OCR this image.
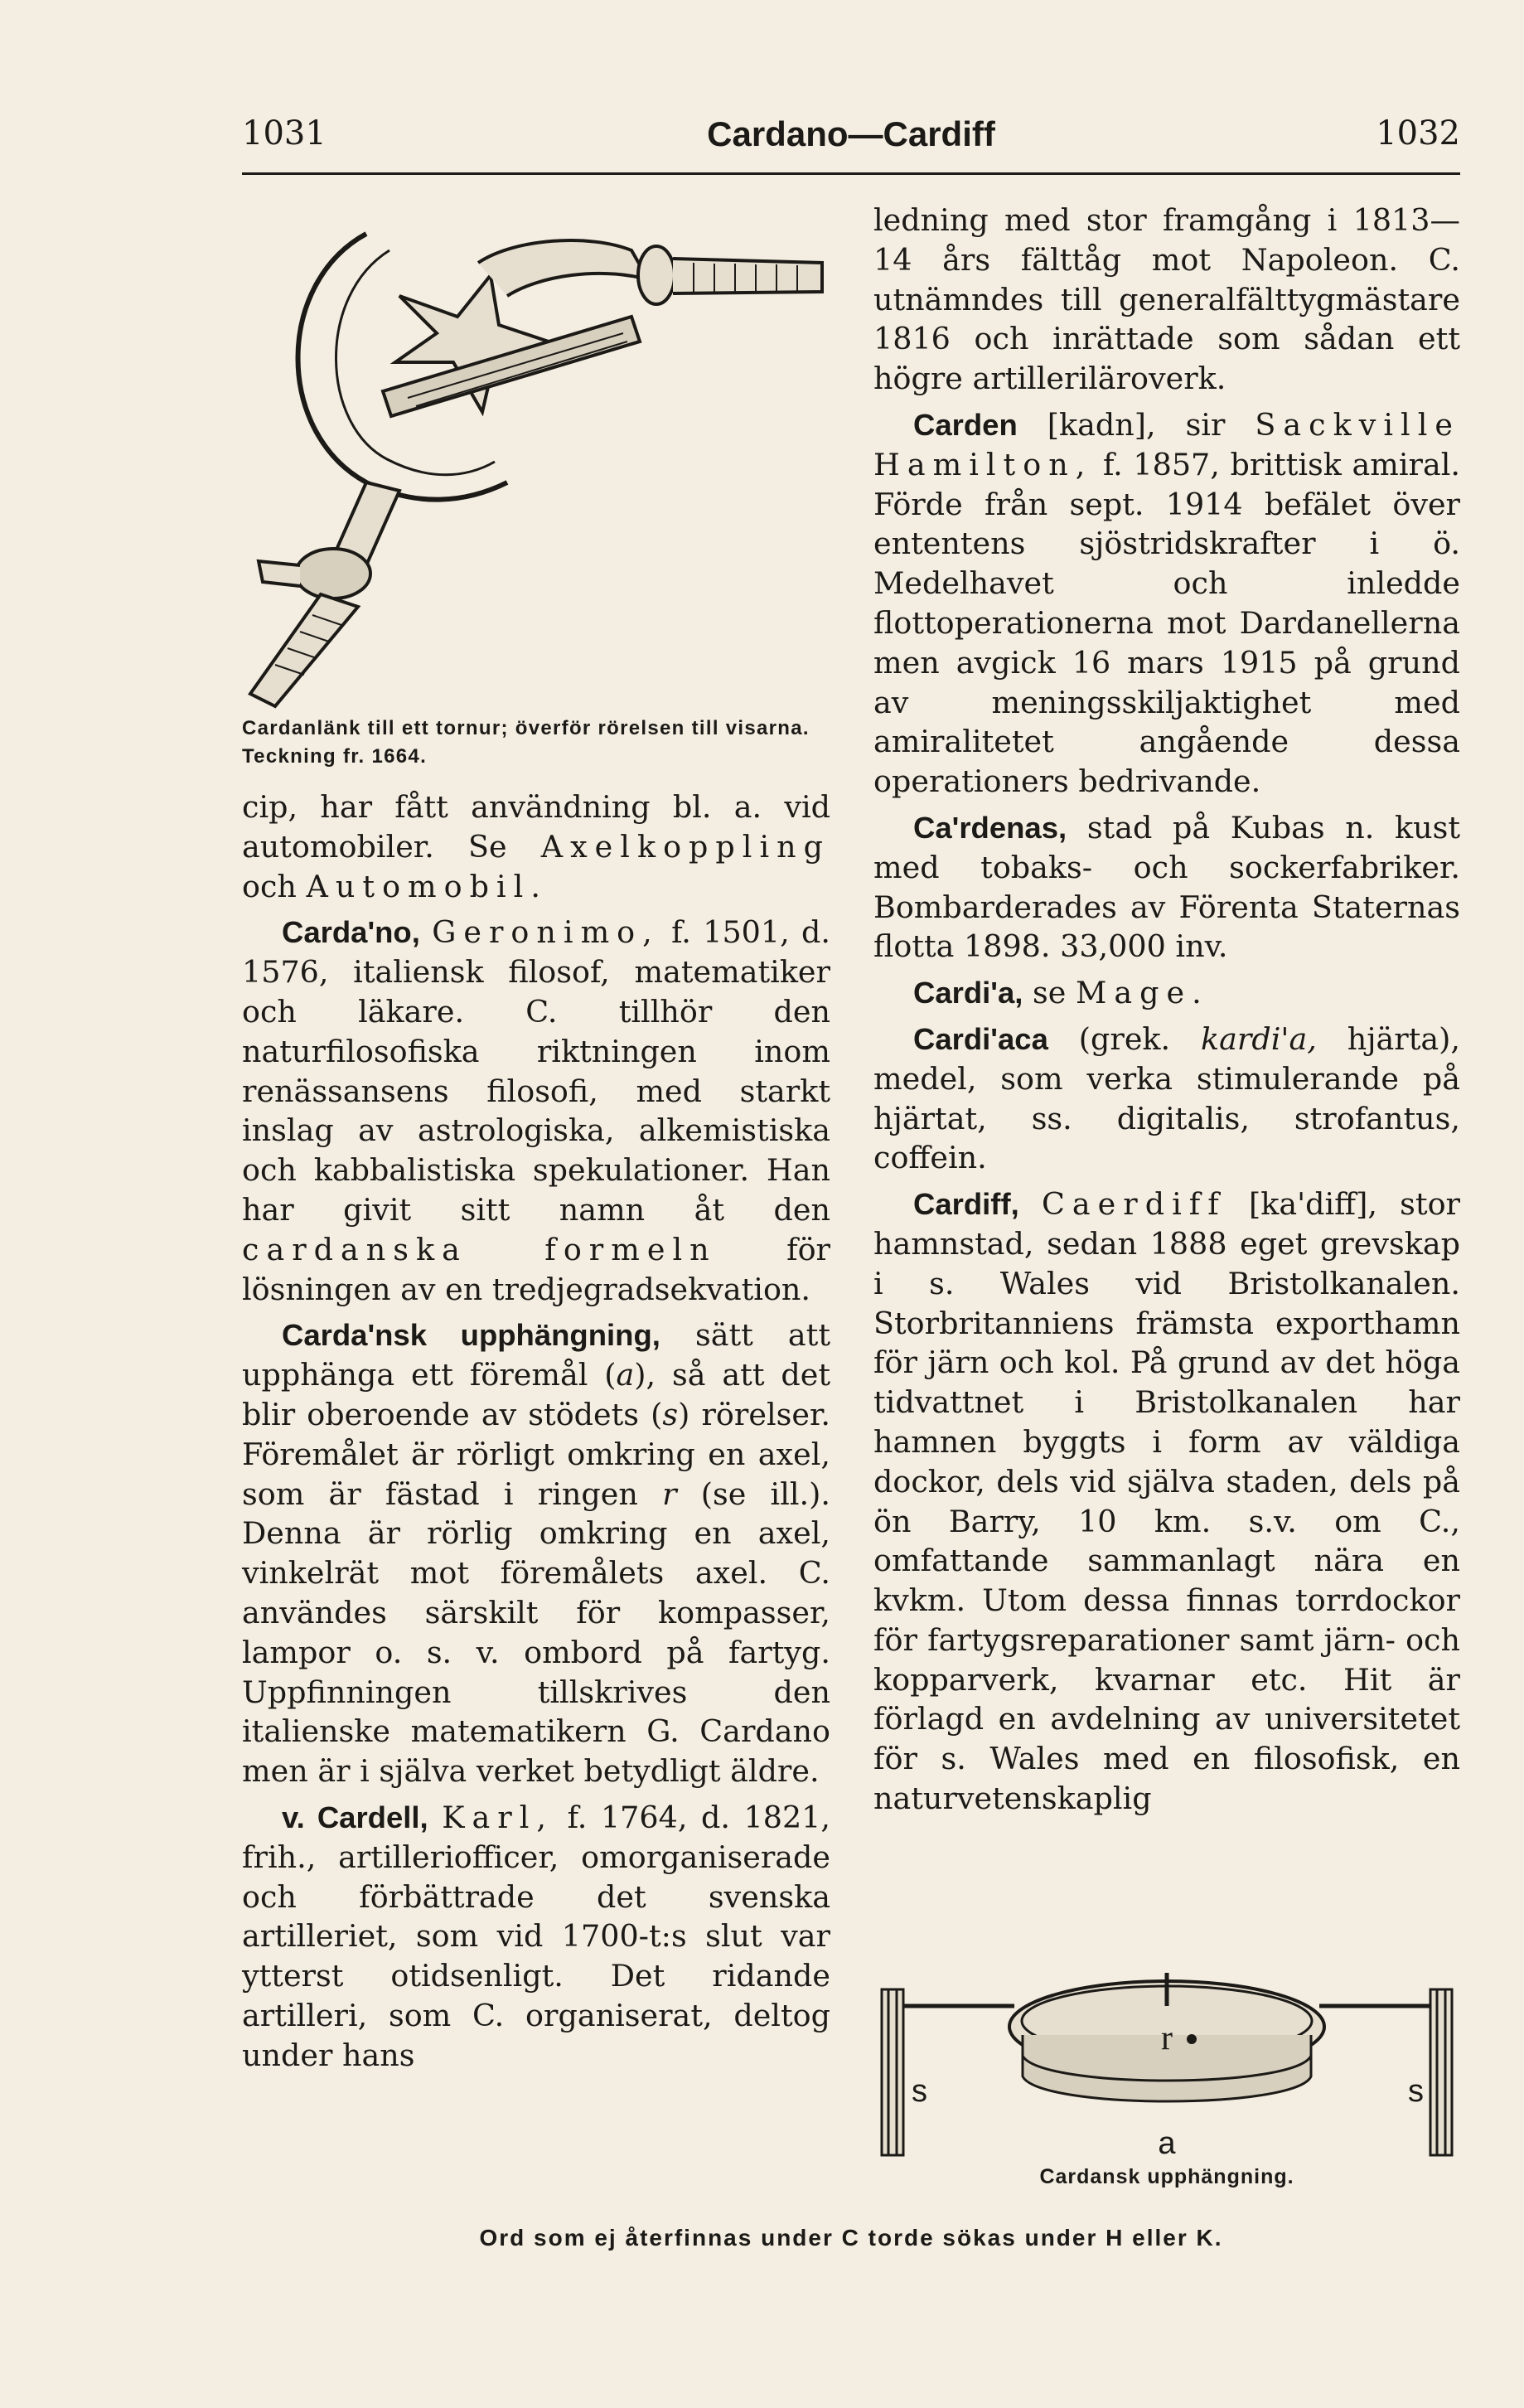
1031	Cardano—Cardiff	1032
Cardanlänk till ett tornur; överför rörelsen till visarna. Teckning fr. 1664.

cip, har fått användning bl. a. vid automobiler. Se Axelkoppling och Automobil.

Carda'no, Geronimo, f. 1501, d. 1576, italiensk filosof, matematiker och läkare. C. tillhör den naturfilosofiska riktningen inom renässansens filosofi, med starkt inslag av astrologiska, alkemistiska och kabbalistiska spekulationer. Han har givit sitt namn åt den cardanska formeln för lösningen av en tredjegradsekvation.

Carda'nsk upphängning, sätt att upphänga ett föremål (a), så att det blir oberoende av stödets (s) rörelser. Föremålet är rörligt omkring en axel, som är fästad i ringen r (se ill.). Denna är rörlig omkring en axel, vinkelrät mot föremålets axel. C. användes särskilt för kompasser, lampor o. s. v. ombord på fartyg. Uppfinningen tillskrives den italienske matematikern G. Cardano men är i själva verket betydligt äldre.

v. Cardell, Karl, f. 1764, d. 1821, frih., artilleriofficer, omorganiserade och förbättrade det svenska artilleriet, som vid 1700-t:s slut var ytterst otidsenligt. Det ridande artilleri, som C. organiserat, deltog under hans

ledning med stor framgång i 1813—14 års fälttåg mot Napoleon. C. utnämndes till generalfälttygmästare 1816 och inrättade som sådan ett högre artilleriläroverk.

Carden [kadn], sir Sackville Hamilton, f. 1857, brittisk amiral. Förde från sept. 1914 befälet över ententens sjöstridskrafter i ö. Medelhavet och inledde flottoperationerna mot Dardanellerna men avgick 16 mars 1915 på grund av meningsskiljaktighet med amiralitetet angående dessa operationers bedrivande.

Ca'rdenas, stad på Kubas n. kust med tobaks- och sockerfabriker. Bombarderades av Förenta Staternas flotta 1898. 33,000 inv.

Cardi'a, se Mage.

Cardi'aca (grek. kardi'a, hjärta), medel, som verka stimulerande på hjärtat, ss. digitalis, strofantus, coffein.

Cardiff, Caerdiff [ka'diff], stor hamnstad, sedan 1888 eget grevskap i s. Wales vid Bristolkanalen. Storbritanniens främsta exporthamn för järn och kol. På grund av det höga tidvattnet i Bristolkanalen har hamnen byggts i form av väldiga dockor, dels vid själva staden, dels på ön Barry, 10 km. s.v. om C., omfattande sammanlagt nära en kvkm. Utom dessa finnas torrdockor för fartygsreparationer samt järn- och kopparverk, kvarnar etc. Hit är förlagd en avdelning av universitetet för s. Wales med en filosofisk, en naturvetenskaplig

r
s	s
a
Cardansk upphängning.
Ord som ej återfinnas under C torde sökas under H eller K.
